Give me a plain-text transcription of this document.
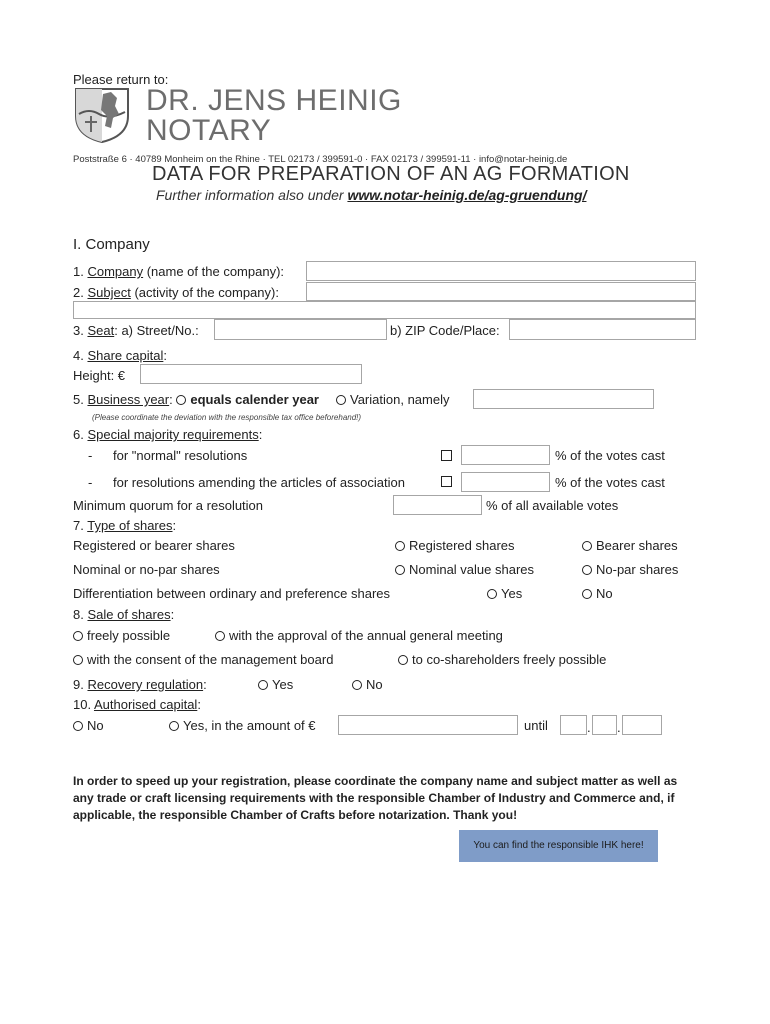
Please return to:
DR. JENS HEINIG
NOTARY
Poststraße 6 · 40789 Monheim on the Rhine · TEL 02173 / 399591-0 · FAX 02173 / 399591-11 · info@notar-heinig.de
DATA FOR PREPARATION OF AN AG FORMATION
Further information also under www.notar-heinig.de/ag-gruendung/
I. Company
1. Company (name of the company):
2. Subject (activity of the company):
3. Seat: a) Street/No.:	b) ZIP Code/Place:
4. Share capital:
Height: €
5. Business year: equals calender year	Variation, namely
(Please coordinate the deviation with the responsible tax office beforehand!)
6. Special majority requirements:
- for "normal" resolutions	% of the votes cast
- for resolutions amending the articles of association	% of the votes cast
Minimum quorum for a resolution	% of all available votes
7. Type of shares:
Registered or bearer shares	Registered shares	Bearer shares
Nominal or no-par shares	Nominal value shares	No-par shares
Differentiation between ordinary and preference shares	Yes	No
8. Sale of shares:
freely possible	with the approval of the annual general meeting
with the consent of the management board	to co-shareholders freely possible
9. Recovery regulation:	Yes	No
10. Authorised capital:
No	Yes, in the amount of €	until	. .
In order to speed up your registration, please coordinate the company name and subject matter as well as any trade or craft licensing requirements with the responsible Chamber of Industry and Commerce and, if applicable, the responsible Chamber of Crafts before notarization. Thank you!
You can find the responsible IHK here!
